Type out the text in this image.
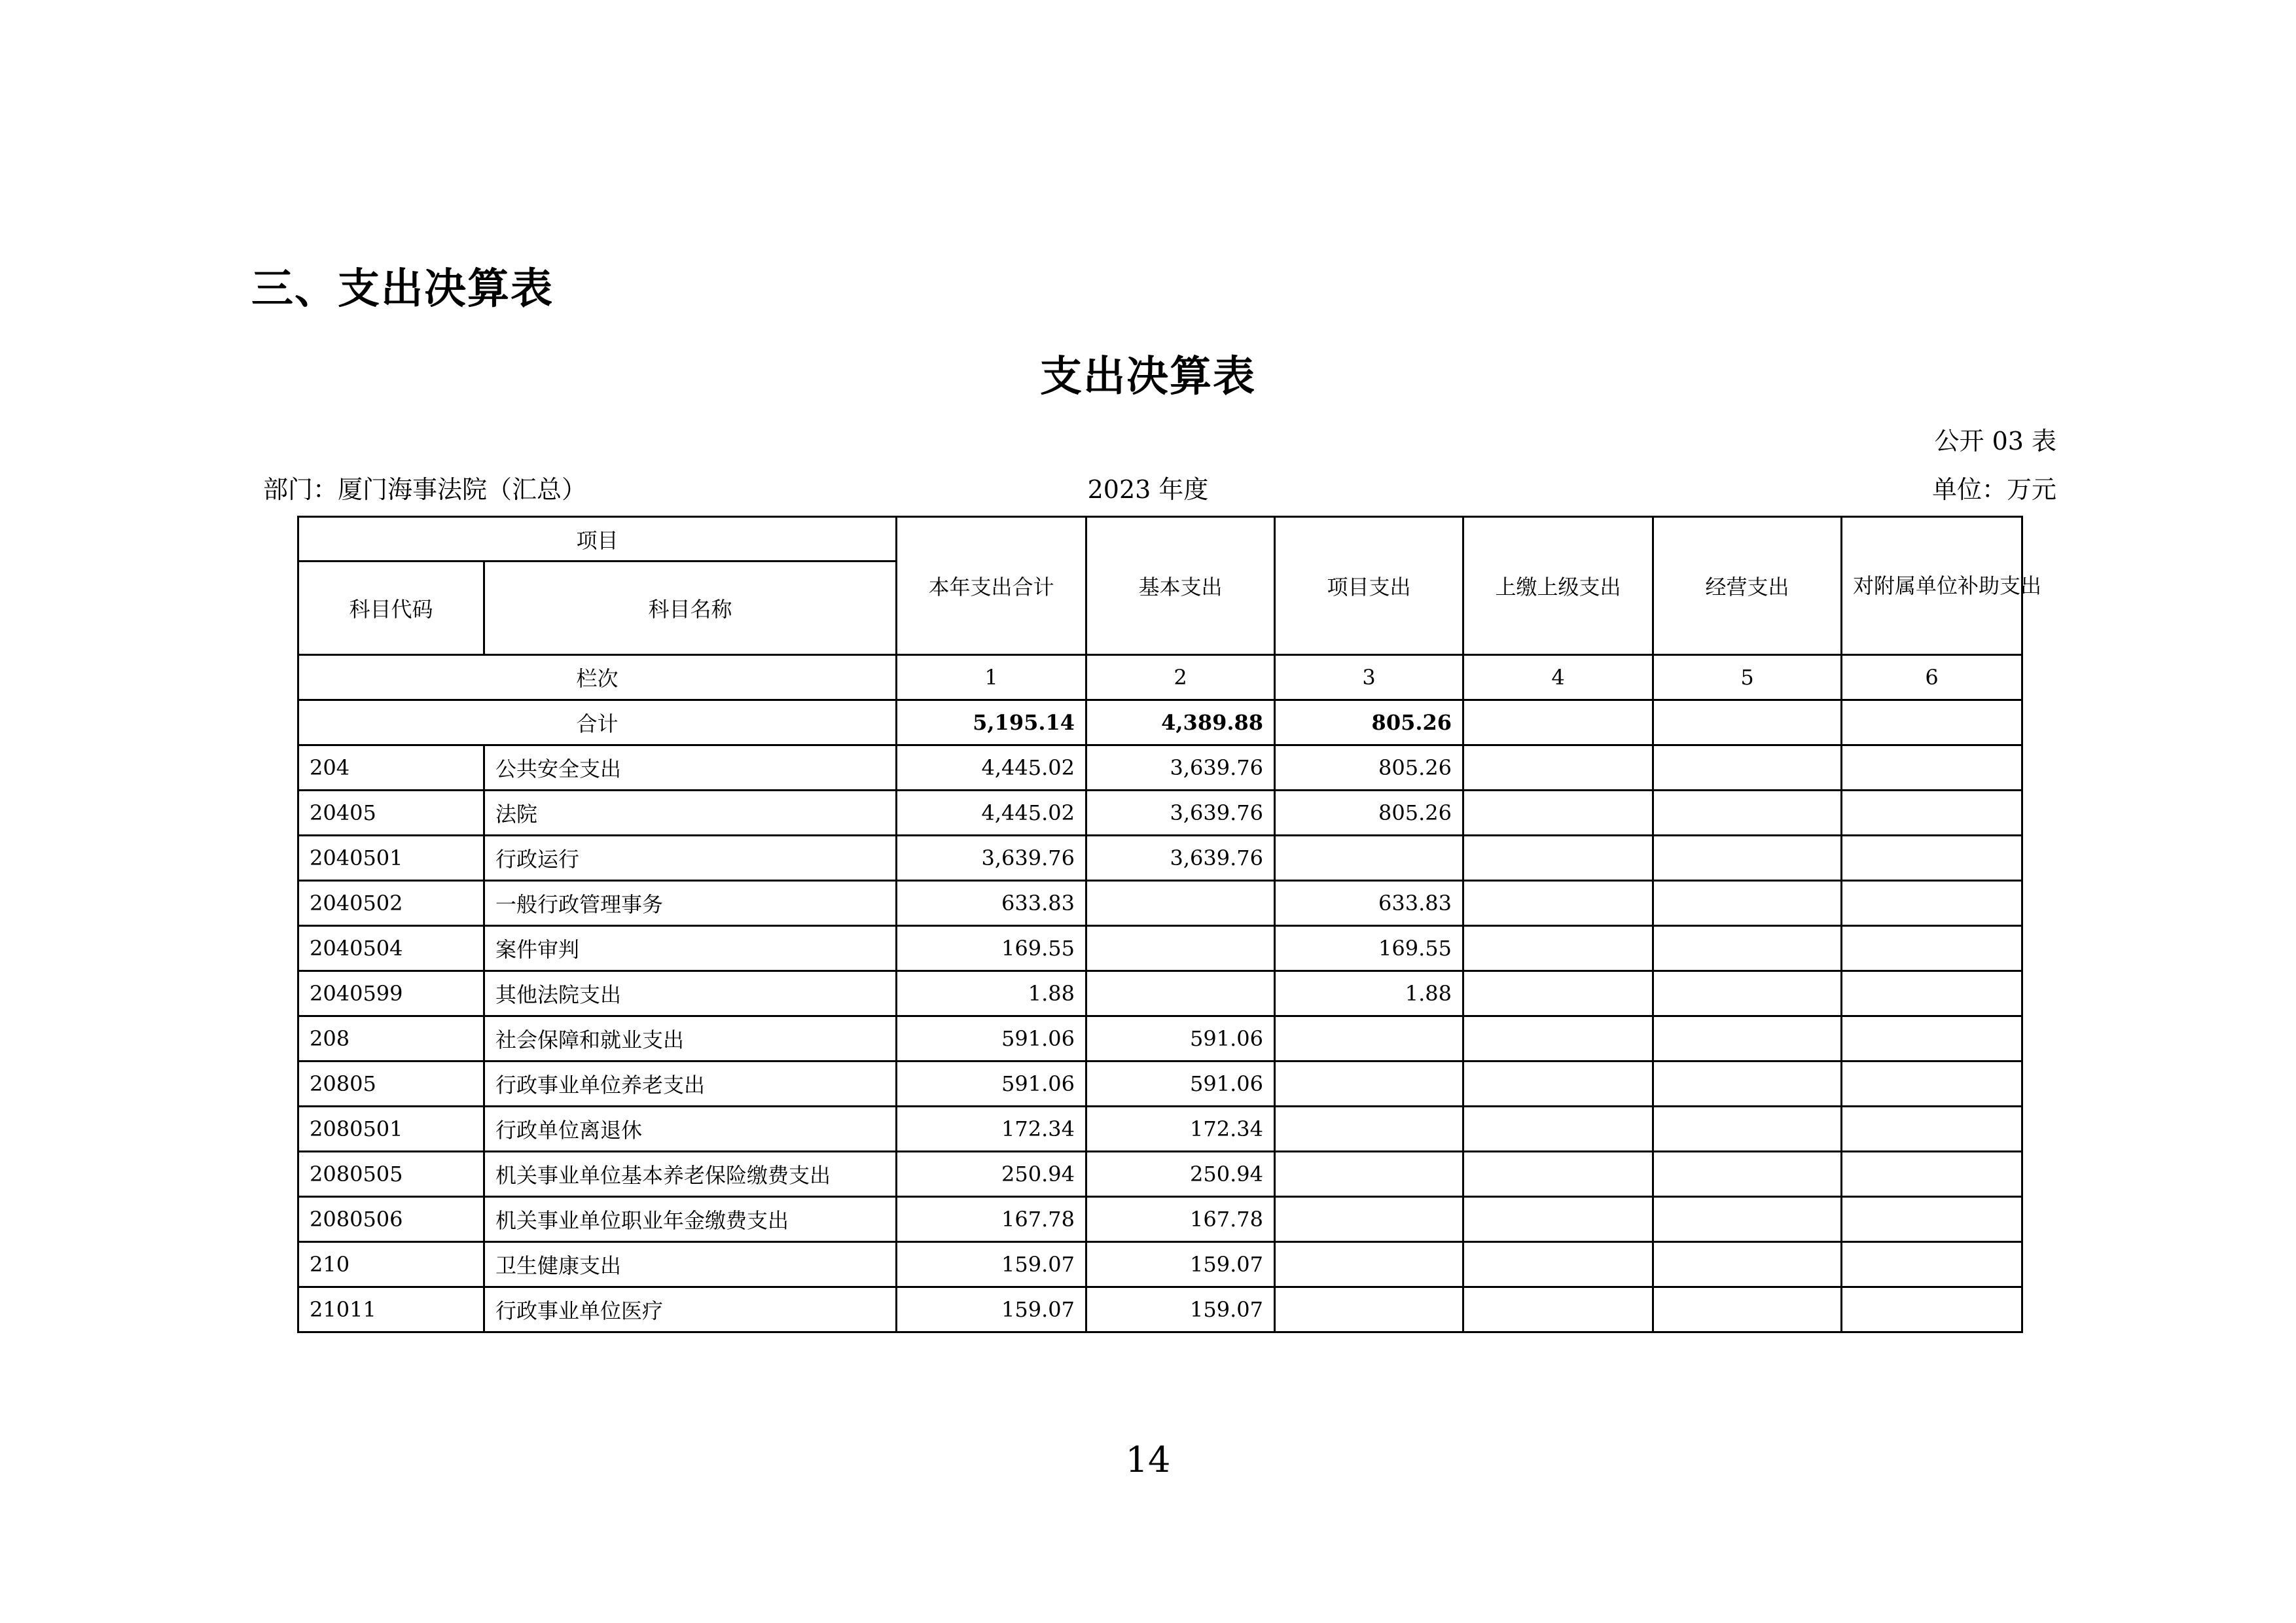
三、支出决算表
支出决算表
公开 03 表
部门：厦门海事法院（汇总）	2023 年度	单位：万元
项目		本年支出合计	基本支出	项目支出	上缴上级支出	经营支出	对附属单位补助支出
科目代码	科目名称						
栏次		1	2	3	4	5	6
合计		5,195.14	4,389.88	805.26			
204	公共安全支出	4,445.02	3,639.76	805.26			
20405	法院	4,445.02	3,639.76	805.26			
2040501	行政运行	3,639.76	3,639.76				
2040502	一般行政管理事务	633.83		633.83			
2040504	案件审判	169.55		169.55			
2040599	其他法院支出	1.88		1.88			
208	社会保障和就业支出	591.06	591.06				
20805	行政事业单位养老支出	591.06	591.06				
2080501	行政单位离退休	172.34	172.34				
2080505	机关事业单位基本养老保险缴费支出	250.94	250.94				
2080506	机关事业单位职业年金缴费支出	167.78	167.78				
210	卫生健康支出	159.07	159.07				
21011	行政事业单位医疗	159.07	159.07				
14
